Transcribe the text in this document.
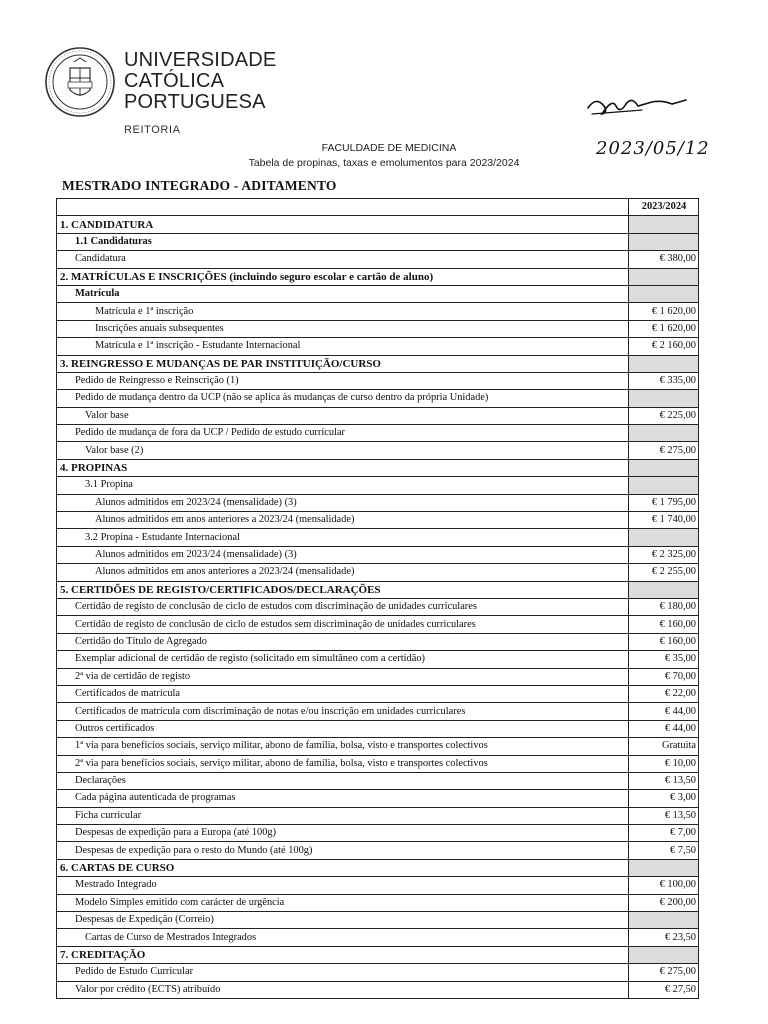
UNIVERSIDADE
CATÓLICA
PORTUGUESA
REITORIA
FACULDADE DE MEDICINA
Tabela de propinas, taxas e emolumentos para 2023/2024
2023/05/12
MESTRADO INTEGRADO - ADITAMENTO
	2023/2024
1. CANDIDATURA	
1.1 Candidaturas	
Candidatura	€ 380,00
2. MATRÍCULAS E INSCRIÇÕES (incluindo seguro escolar e cartão de aluno)	
Matrícula	
Matrícula e 1ª inscrição	€ 1 620,00
Inscrições anuais subsequentes	€ 1 620,00
Matrícula e 1ª inscrição - Estudante Internacional	€ 2 160,00
3. REINGRESSO E MUDANÇAS DE PAR INSTITUIÇÃO/CURSO	
Pedido de Reingresso e Reinscrição (1)	€ 335,00
Pedido de mudança dentro da UCP (não se aplica às mudanças de curso dentro da própria Unidade)	
Valor base	€ 225,00
Pedido de mudança de fora da UCP / Pedido de estudo curricular	
Valor base (2)	€ 275,00
4. PROPINAS	
3.1 Propina	
Alunos admitidos em 2023/24 (mensalidade) (3)	€ 1 795,00
Alunos admitidos em anos anteriores a 2023/24 (mensalidade)	€ 1 740,00
3.2 Propina - Estudante Internacional	
Alunos admitidos em 2023/24 (mensalidade) (3)	€ 2 325,00
Alunos admitidos em anos anteriores a 2023/24 (mensalidade)	€ 2 255,00
5. CERTIDÕES DE REGISTO/CERTIFICADOS/DECLARAÇÕES	
Certidão de registo de conclusão de ciclo de estudos com discriminação de unidades curriculares	€ 180,00
Certidão de registo de conclusão de ciclo de estudos sem discriminação de unidades curriculares	€ 160,00
Certidão do Título de Agregado	€ 160,00
Exemplar adicional de certidão de registo (solicitado em simultâneo com a certidão)	€ 35,00
2ª via de certidão de registo	€ 70,00
Certificados de matrícula	€ 22,00
Certificados de matrícula com discriminação de notas e/ou inscrição em unidades curriculares	€ 44,00
Outros certificados	€ 44,00
1ª via para benefícios sociais, serviço militar, abono de família, bolsa, visto e transportes colectivos	Gratuita
2ª via para benefícios sociais, serviço militar, abono de família, bolsa, visto e transportes colectivos	€ 10,00
Declarações	€ 13,50
Cada página autenticada de programas	€ 3,00
Ficha curricular	€ 13,50
Despesas de expedição para a Europa (até 100g)	€ 7,00
Despesas de expedição para o resto do Mundo (até 100g)	€ 7,50
6. CARTAS DE CURSO	
Mestrado Integrado	€ 100,00
Modelo Simples emitido com carácter de urgência	€ 200,00
Despesas de Expedição (Correio)	
Cartas de Curso de Mestrados Integrados	€ 23,50
7. CREDITAÇÃO	
Pedido de Estudo Curricular	€ 275,00
Valor por crédito (ECTS) atribuído	€ 27,50
